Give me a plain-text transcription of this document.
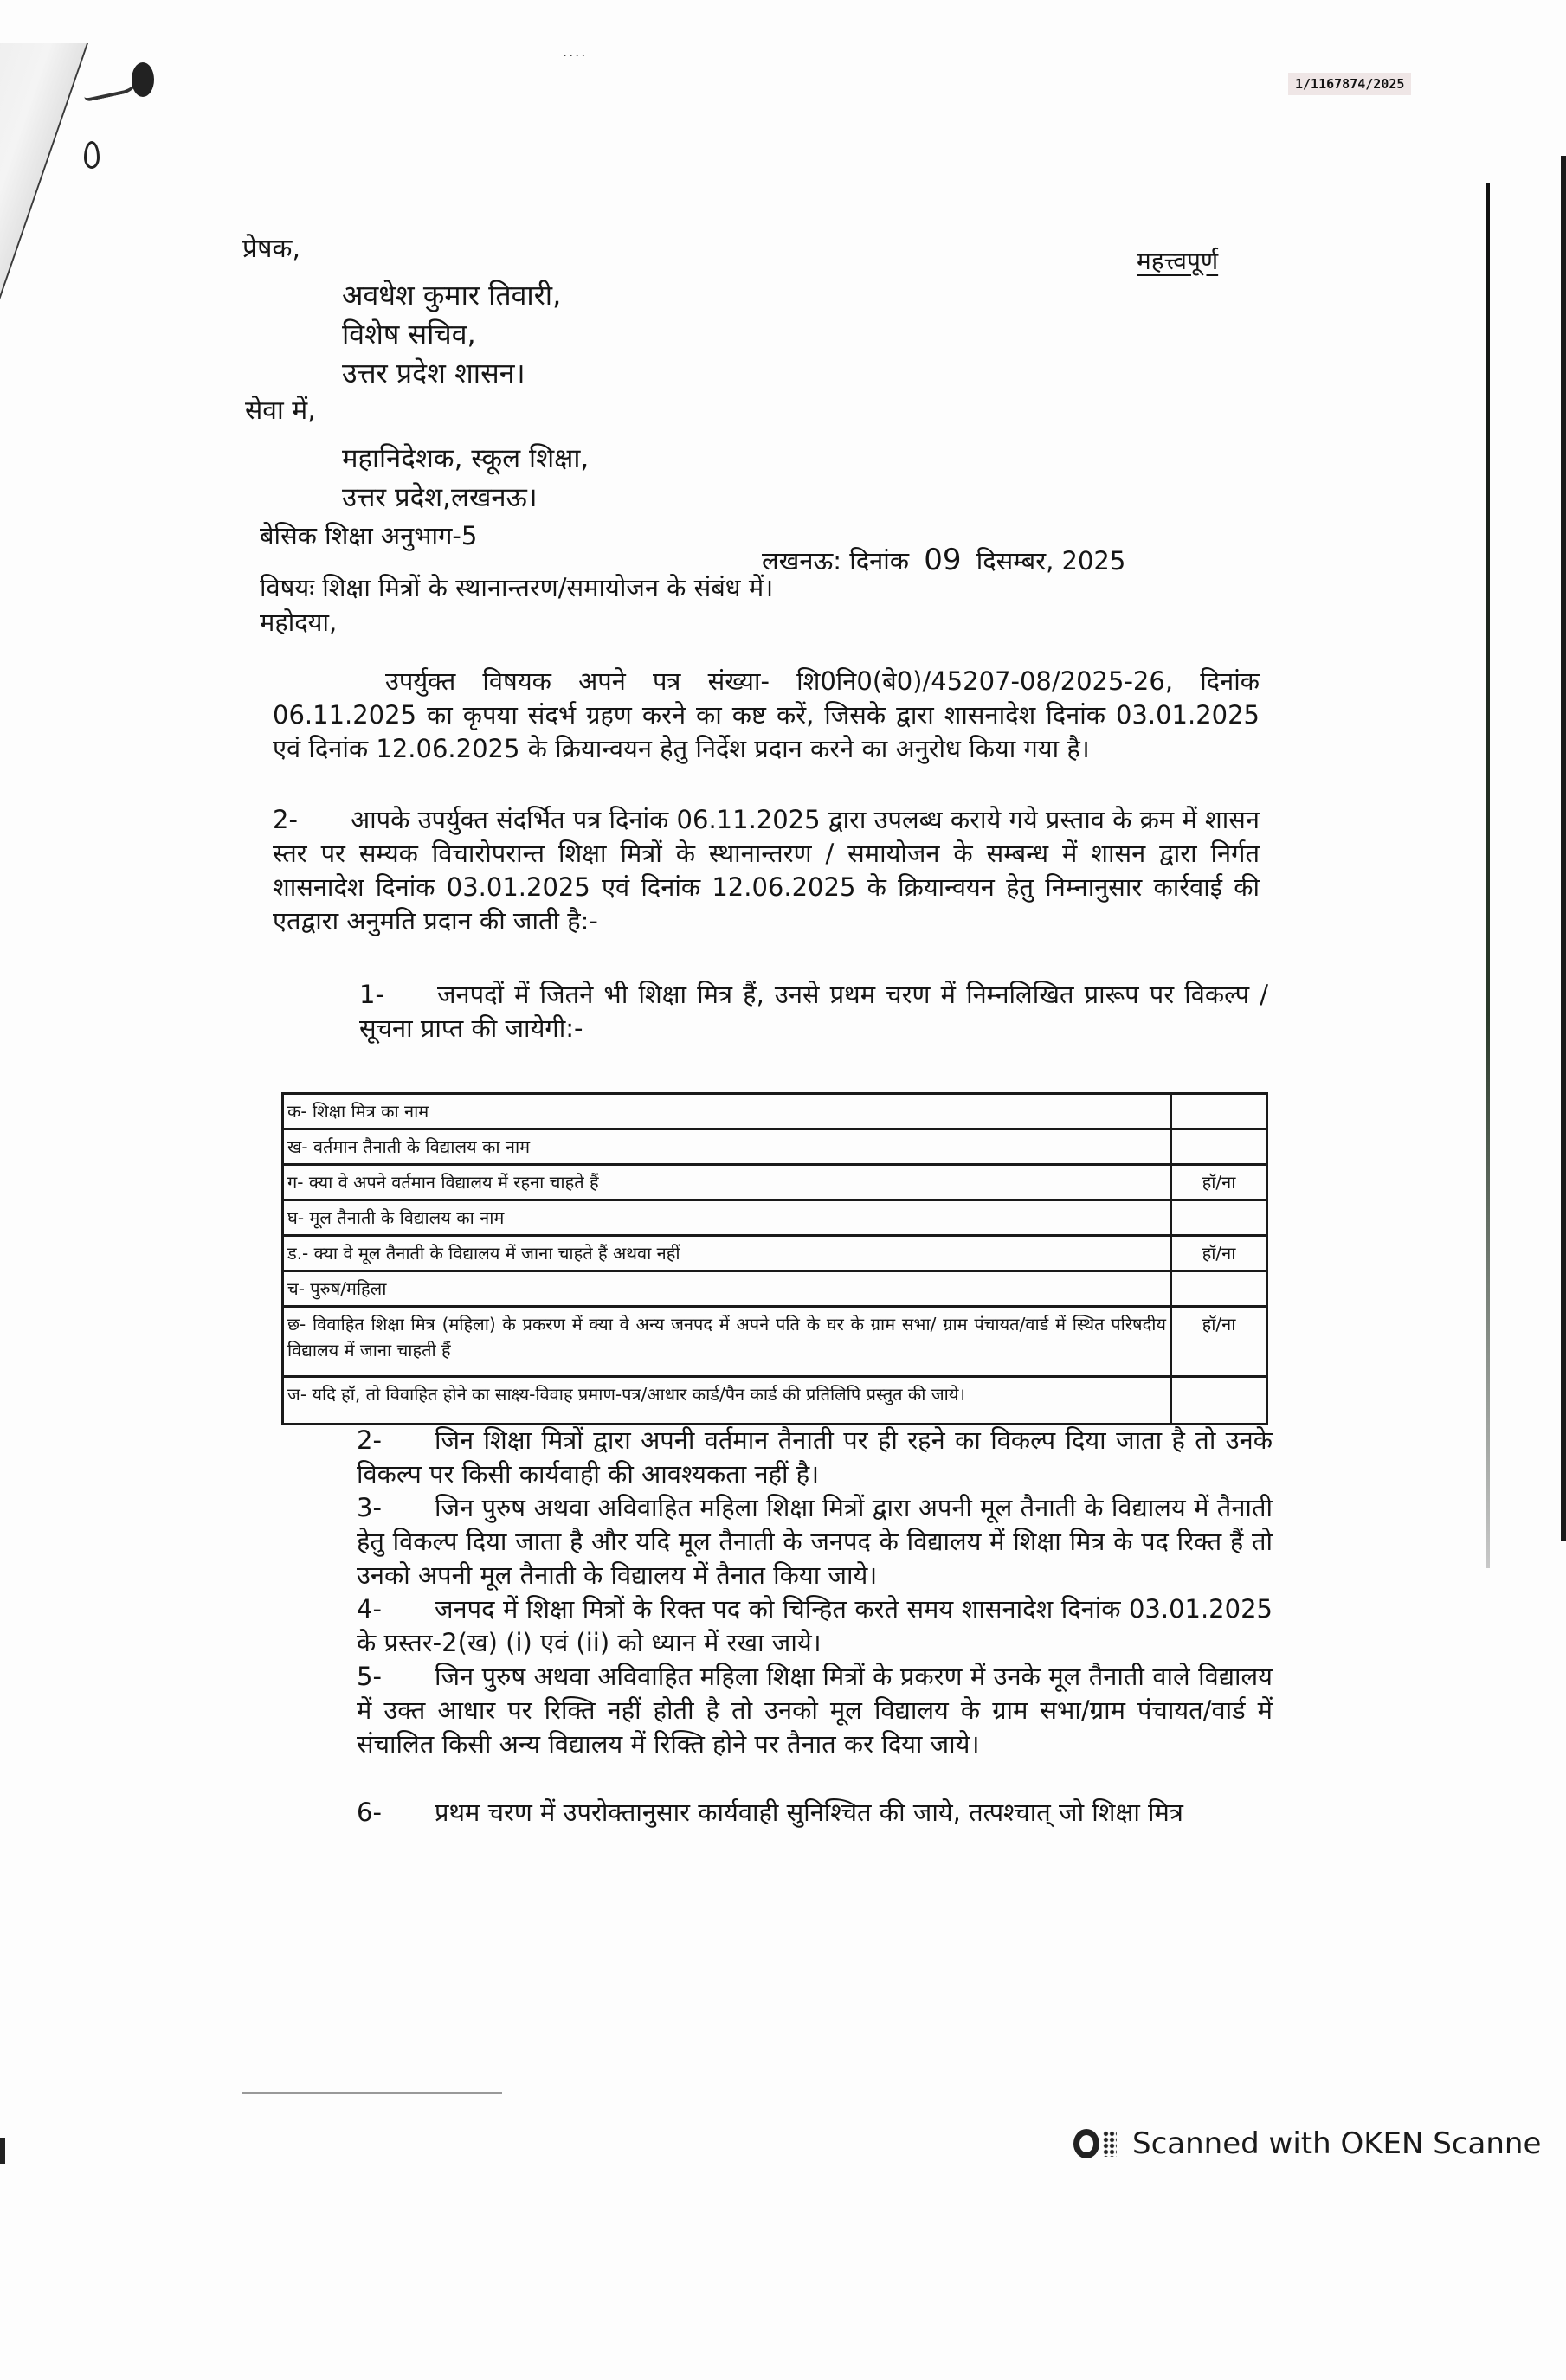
....
1/1167874/2025
प्रेषक,	महत्त्वपूर्ण
अवधेश कुमार तिवारी,
विशेष सचिव,
उत्तर प्रदेश शासन।
सेवा में,
महानिदेशक, स्कूल शिक्षा,
उत्तर प्रदेश,लखनऊ।
बेसिक शिक्षा अनुभाग-5
लखनऊ: दिनांक 09 दिसम्बर, 2025
विषयः शिक्षा मित्रों के स्थानान्तरण/समायोजन के संबंध में।
महोदया,
उपर्युक्त विषयक अपने पत्र संख्या- शि0नि0(बे0)/45207-08/2025-26, दिनांक 06.11.2025 का कृपया संदर्भ ग्रहण करने का कष्ट करें, जिसके द्वारा शासनादेश दिनांक 03.01.2025 एवं दिनांक 12.06.2025 के क्रियान्वयन हेतु निर्देश प्रदान करने का अनुरोध किया गया है।
2- आपके उपर्युक्त संदर्भित पत्र दिनांक 06.11.2025 द्वारा उपलब्ध कराये गये प्रस्ताव के क्रम में शासन स्तर पर सम्यक विचारोपरान्त शिक्षा मित्रों के स्थानान्तरण / समायोजन के सम्बन्ध में शासन द्वारा निर्गत शासनादेश दिनांक 03.01.2025 एवं दिनांक 12.06.2025 के क्रियान्वयन हेतु निम्नानुसार कार्रवाई की एतद्वारा अनुमति प्रदान की जाती है:-
1- जनपदों में जितने भी शिक्षा मित्र हैं, उनसे प्रथम चरण में निम्नलिखित प्रारूप पर विकल्प / सूचना प्राप्त की जायेगी:-
क- शिक्षा मित्र का नाम	
ख- वर्तमान तैनाती के विद्यालय का नाम	
ग- क्या वे अपने वर्तमान विद्यालय में रहना चाहते हैं	हॉ/ना
घ- मूल तैनाती के विद्यालय का नाम	
ड.- क्या वे मूल तैनाती के विद्यालय में जाना चाहते हैं अथवा नहीं	हॉ/ना
च- पुरुष/महिला	
छ- विवाहित शिक्षा मित्र (महिला) के प्रकरण में क्या वे अन्य जनपद में अपने पति के घर के ग्राम सभा/ ग्राम पंचायत/वार्ड में स्थित परिषदीय विद्यालय में जाना चाहती हैं	हॉ/ना
ज- यदि हॉ, तो विवाहित होने का साक्ष्य-विवाह प्रमाण-पत्र/आधार कार्ड/पैन कार्ड की प्रतिलिपि प्रस्तुत की जाये।	
2- जिन शिक्षा मित्रों द्वारा अपनी वर्तमान तैनाती पर ही रहने का विकल्प दिया जाता है तो उनके विकल्प पर किसी कार्यवाही की आवश्यकता नहीं है।
3- जिन पुरुष अथवा अविवाहित महिला शिक्षा मित्रों द्वारा अपनी मूल तैनाती के विद्यालय में तैनाती हेतु विकल्प दिया जाता है और यदि मूल तैनाती के जनपद के विद्यालय में शिक्षा मित्र के पद रिक्त हैं तो उनको अपनी मूल तैनाती के विद्यालय में तैनात किया जाये।
4- जनपद में शिक्षा मित्रों के रिक्त पद को चिन्हित करते समय शासनादेश दिनांक 03.01.2025 के प्रस्तर-2(ख) (i) एवं (ii) को ध्यान में रखा जाये।
5- जिन पुरुष अथवा अविवाहित महिला शिक्षा मित्रों के प्रकरण में उनके मूल तैनाती वाले विद्यालय में उक्त आधार पर रिक्ति नहीं होती है तो उनको मूल विद्यालय के ग्राम सभा/ग्राम पंचायत/वार्ड में संचालित किसी अन्य विद्यालय में रिक्ति होने पर तैनात कर दिया जाये।
6- प्रथम चरण में उपरोक्तानुसार कार्यवाही सुनिश्चित की जाये, तत्पश्चात् जो शिक्षा मित्र
Scanned with OKEN Scanne
